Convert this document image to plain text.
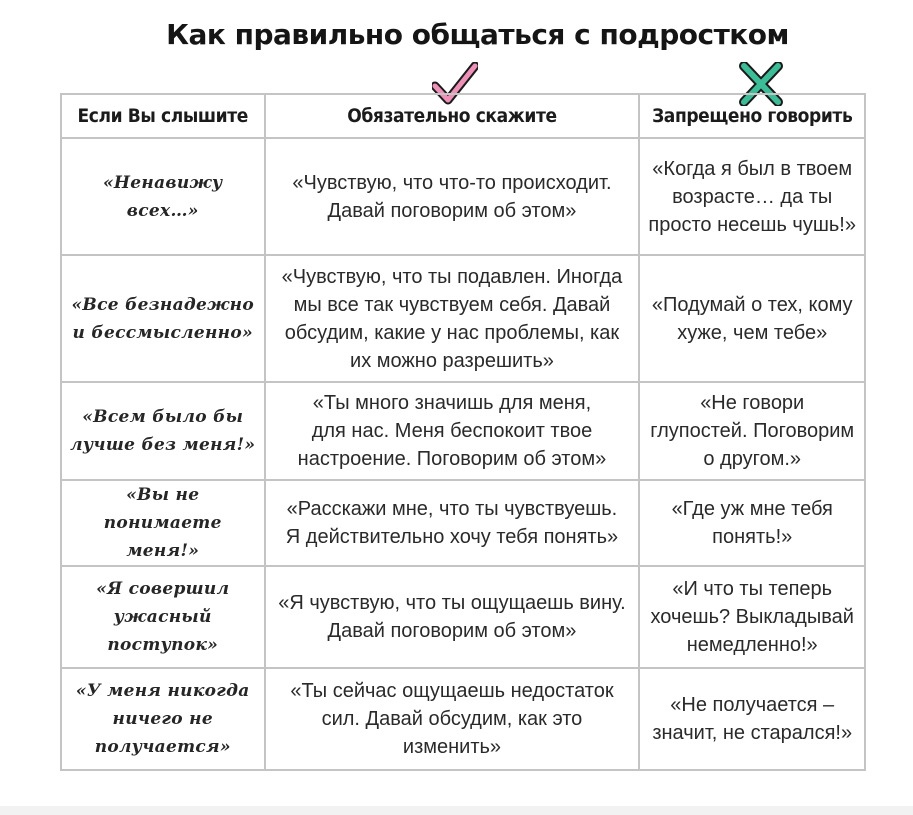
Как правильно общаться с подростком
Если Вы слышите	Обязательно скажите	Запрещено говорить

«Ненавижу
всех…»	«Чувствую, что что-то происходит.
Давай поговорим об этом»	«Когда я был в твоем
возрасте… да ты
просто несешь чушь!»

«Все безнадежно
и бессмысленно»	«Чувствую, что ты подавлен. Иногда
мы все так чувствуем себя. Давай
обсудим, какие у нас проблемы, как
их можно разрешить»	«Подумай о тех, кому
хуже, чем тебе»

«Всем было бы
лучше без меня!»	«Ты много значишь для меня,
для нас. Меня беспокоит твое
настроение. Поговорим об этом»	«Не говори
глупостей. Поговорим
о другом.»

«Вы не понимаете
меня!»	«Расскажи мне, что ты чувствуешь.
Я действительно хочу тебя понять»	«Где уж мне тебя
понять!»

«Я совершил
ужасный
поступок»	«Я чувствую, что ты ощущаешь вину.
Давай поговорим об этом»	«И что ты теперь
хочешь? Выкладывай
немедленно!»

«У меня никогда
ничего не
получается»	«Ты сейчас ощущаешь недостаток
сил. Давай обсудим, как это
изменить»	«Не получается –
значит, не старался!»
